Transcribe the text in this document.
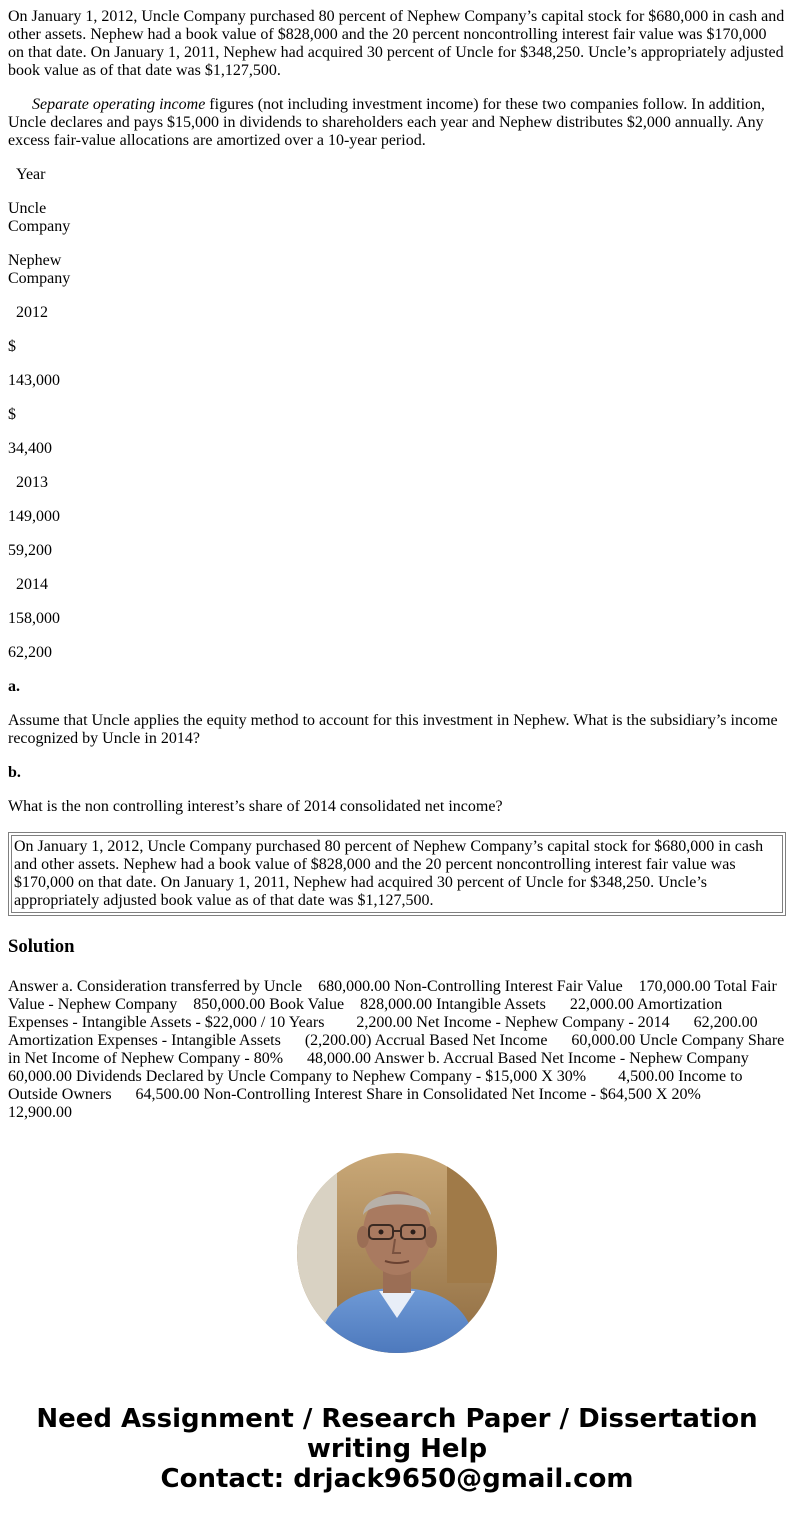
On January 1, 2012, Uncle Company purchased 80 percent of Nephew Company’s capital stock for $680,000 in cash and other assets. Nephew had a book value of $828,000 and the 20 percent noncontrolling interest fair value was $170,000 on that date. On January 1, 2011, Nephew had acquired 30 percent of Uncle for $348,250. Uncle’s appropriately adjusted book value as of that date was $1,127,500.

Separate operating income figures (not including investment income) for these two companies follow. In addition, Uncle declares and pays $15,000 in dividends to shareholders each year and Nephew distributes $2,000 annually. Any excess fair-value allocations are amortized over a 10-year period.

Year
Uncle
Company
Nephew
Company
2012
$
143,000
$
34,400
2013
149,000
59,200
2014
158,000
62,200
a.

Assume that Uncle applies the equity method to account for this investment in Nephew. What is the subsidiary’s income recognized by Uncle in 2014?

b.

What is the non controlling interest’s share of 2014 consolidated net income?

On January 1, 2012, Uncle Company purchased 80 percent of Nephew Company’s capital stock for $680,000 in cash and other assets. Nephew had a book value of $828,000 and the 20 percent noncontrolling interest fair value was $170,000 on that date. On January 1, 2011, Nephew had acquired 30 percent of Uncle for $348,250. Uncle’s appropriately adjusted book value as of that date was $1,127,500.
Solution

Answer a. Consideration transferred by Uncle    680,000.00 Non-Controlling Interest Fair Value    170,000.00 Total Fair Value - Nephew Company    850,000.00 Book Value    828,000.00 Intangible Assets      22,000.00 Amortization Expenses - Intangible Assets - $22,000 / 10 Years        2,200.00 Net Income - Nephew Company - 2014      62,200.00 Amortization Expenses - Intangible Assets      (2,200.00) Accrual Based Net Income      60,000.00 Uncle Company Share in Net Income of Nephew Company - 80%      48,000.00 Answer b. Accrual Based Net Income - Nephew Company      60,000.00 Dividends Declared by Uncle Company to Nephew Company - $15,000 X 30%        4,500.00 Income to Outside Owners      64,500.00 Non-Controlling Interest Share in Consolidated Net Income - $64,500 X 20%        12,900.00

Need Assignment / Research Paper / Dissertation
writing Help
Contact: drjack9650@gmail.com
